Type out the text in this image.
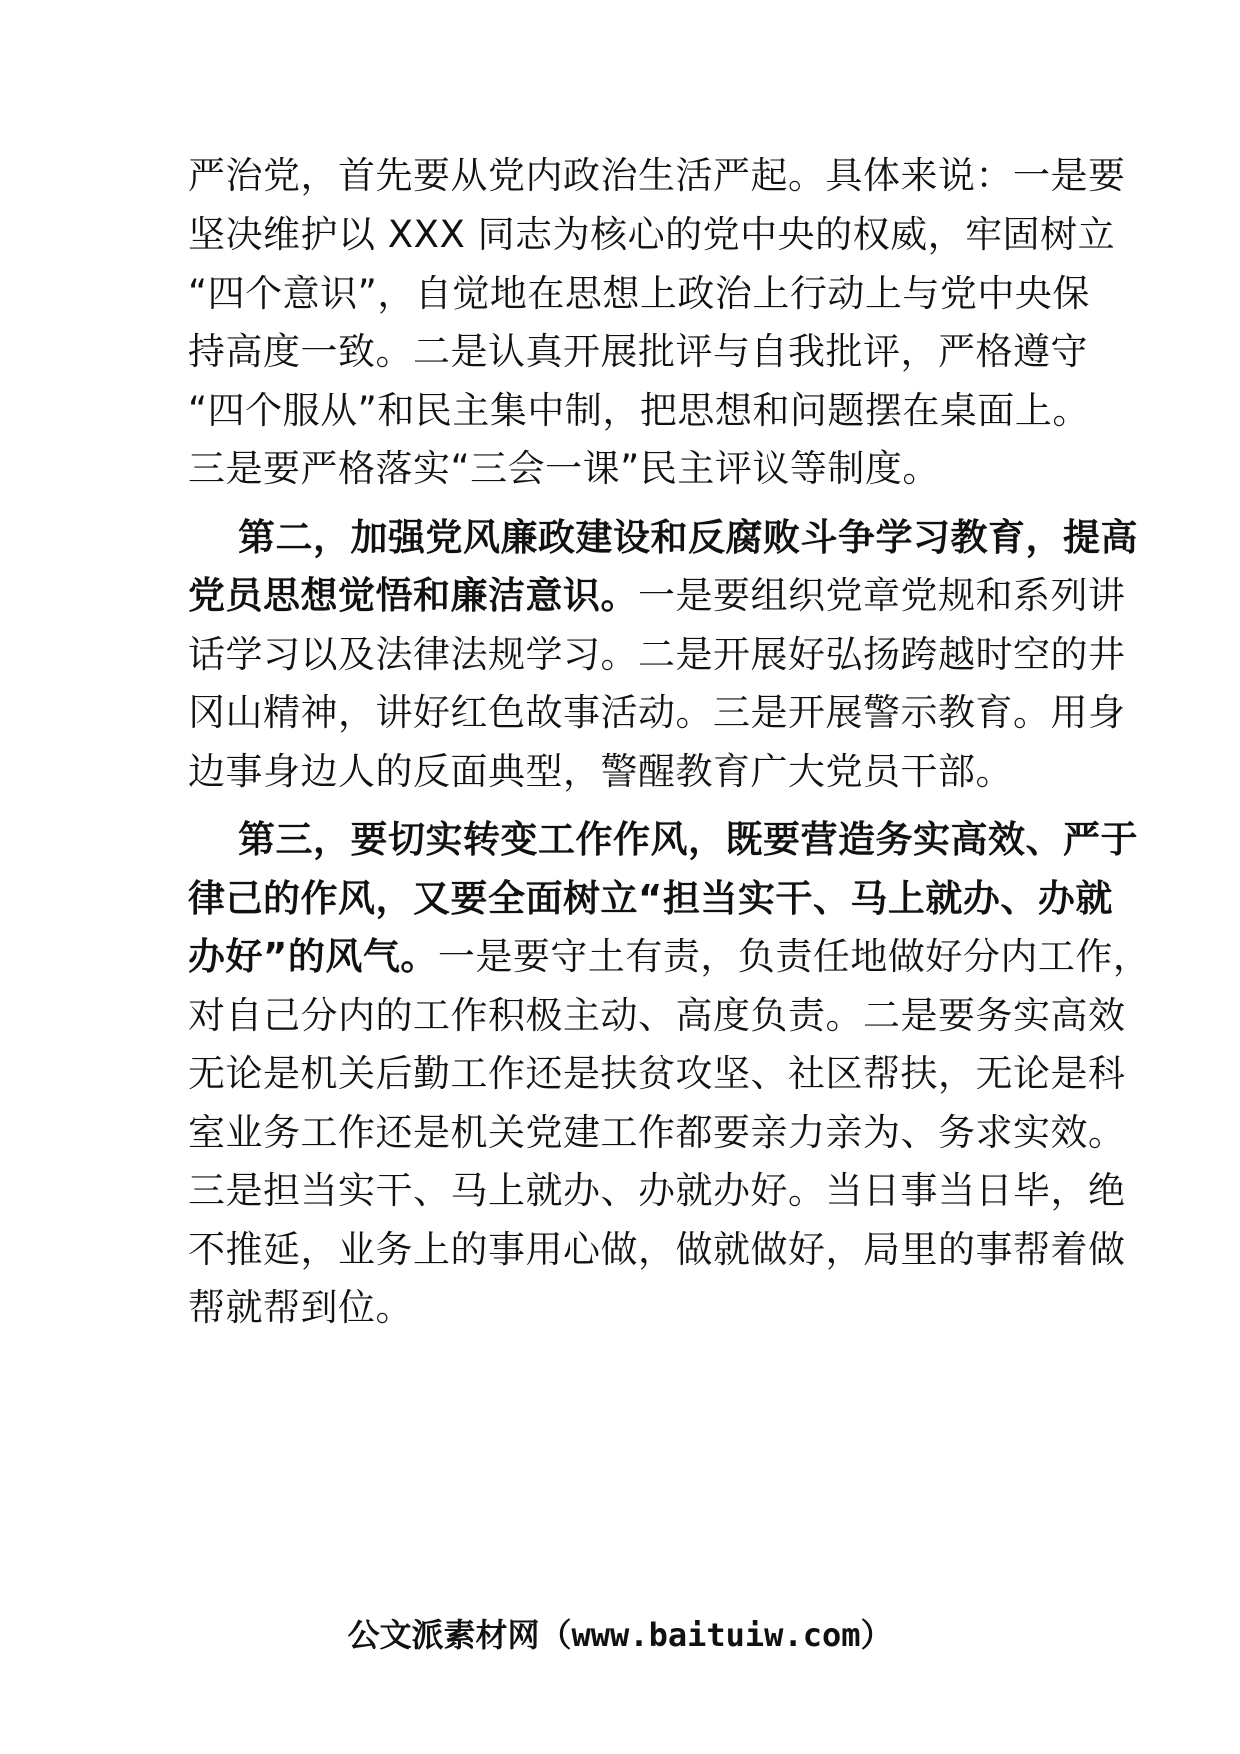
严治党，首先要从党内政治生活严起。具体来说：一是要
坚决维护以 XXX 同志为核心的党中央的权威，牢固树立
“四个意识”，自觉地在思想上政治上行动上与党中央保
持高度一致。二是认真开展批评与自我批评，严格遵守
“四个服从”和民主集中制，把思想和问题摆在桌面上。
三是要严格落实“三会一课”民主评议等制度。
第二，加强党风廉政建设和反腐败斗争学习教育，提高
党员思想觉悟和廉洁意识。一是要组织党章党规和系列讲
话学习以及法律法规学习。二是开展好弘扬跨越时空的井
冈山精神，讲好红色故事活动。三是开展警示教育。用身
边事身边人的反面典型，警醒教育广大党员干部。
第三，要切实转变工作作风，既要营造务实高效、严于
律己的作风，又要全面树立“担当实干、马上就办、办就
办好”的风气。一是要守土有责，负责任地做好分内工作，
对自己分内的工作积极主动、高度负责。二是要务实高效
无论是机关后勤工作还是扶贫攻坚、社区帮扶，无论是科
室业务工作还是机关党建工作都要亲力亲为、务求实效。
三是担当实干、马上就办、办就办好。当日事当日毕，绝
不推延，业务上的事用心做，做就做好，局里的事帮着做
帮就帮到位。
公文派素材网（www.baituiw.com）
